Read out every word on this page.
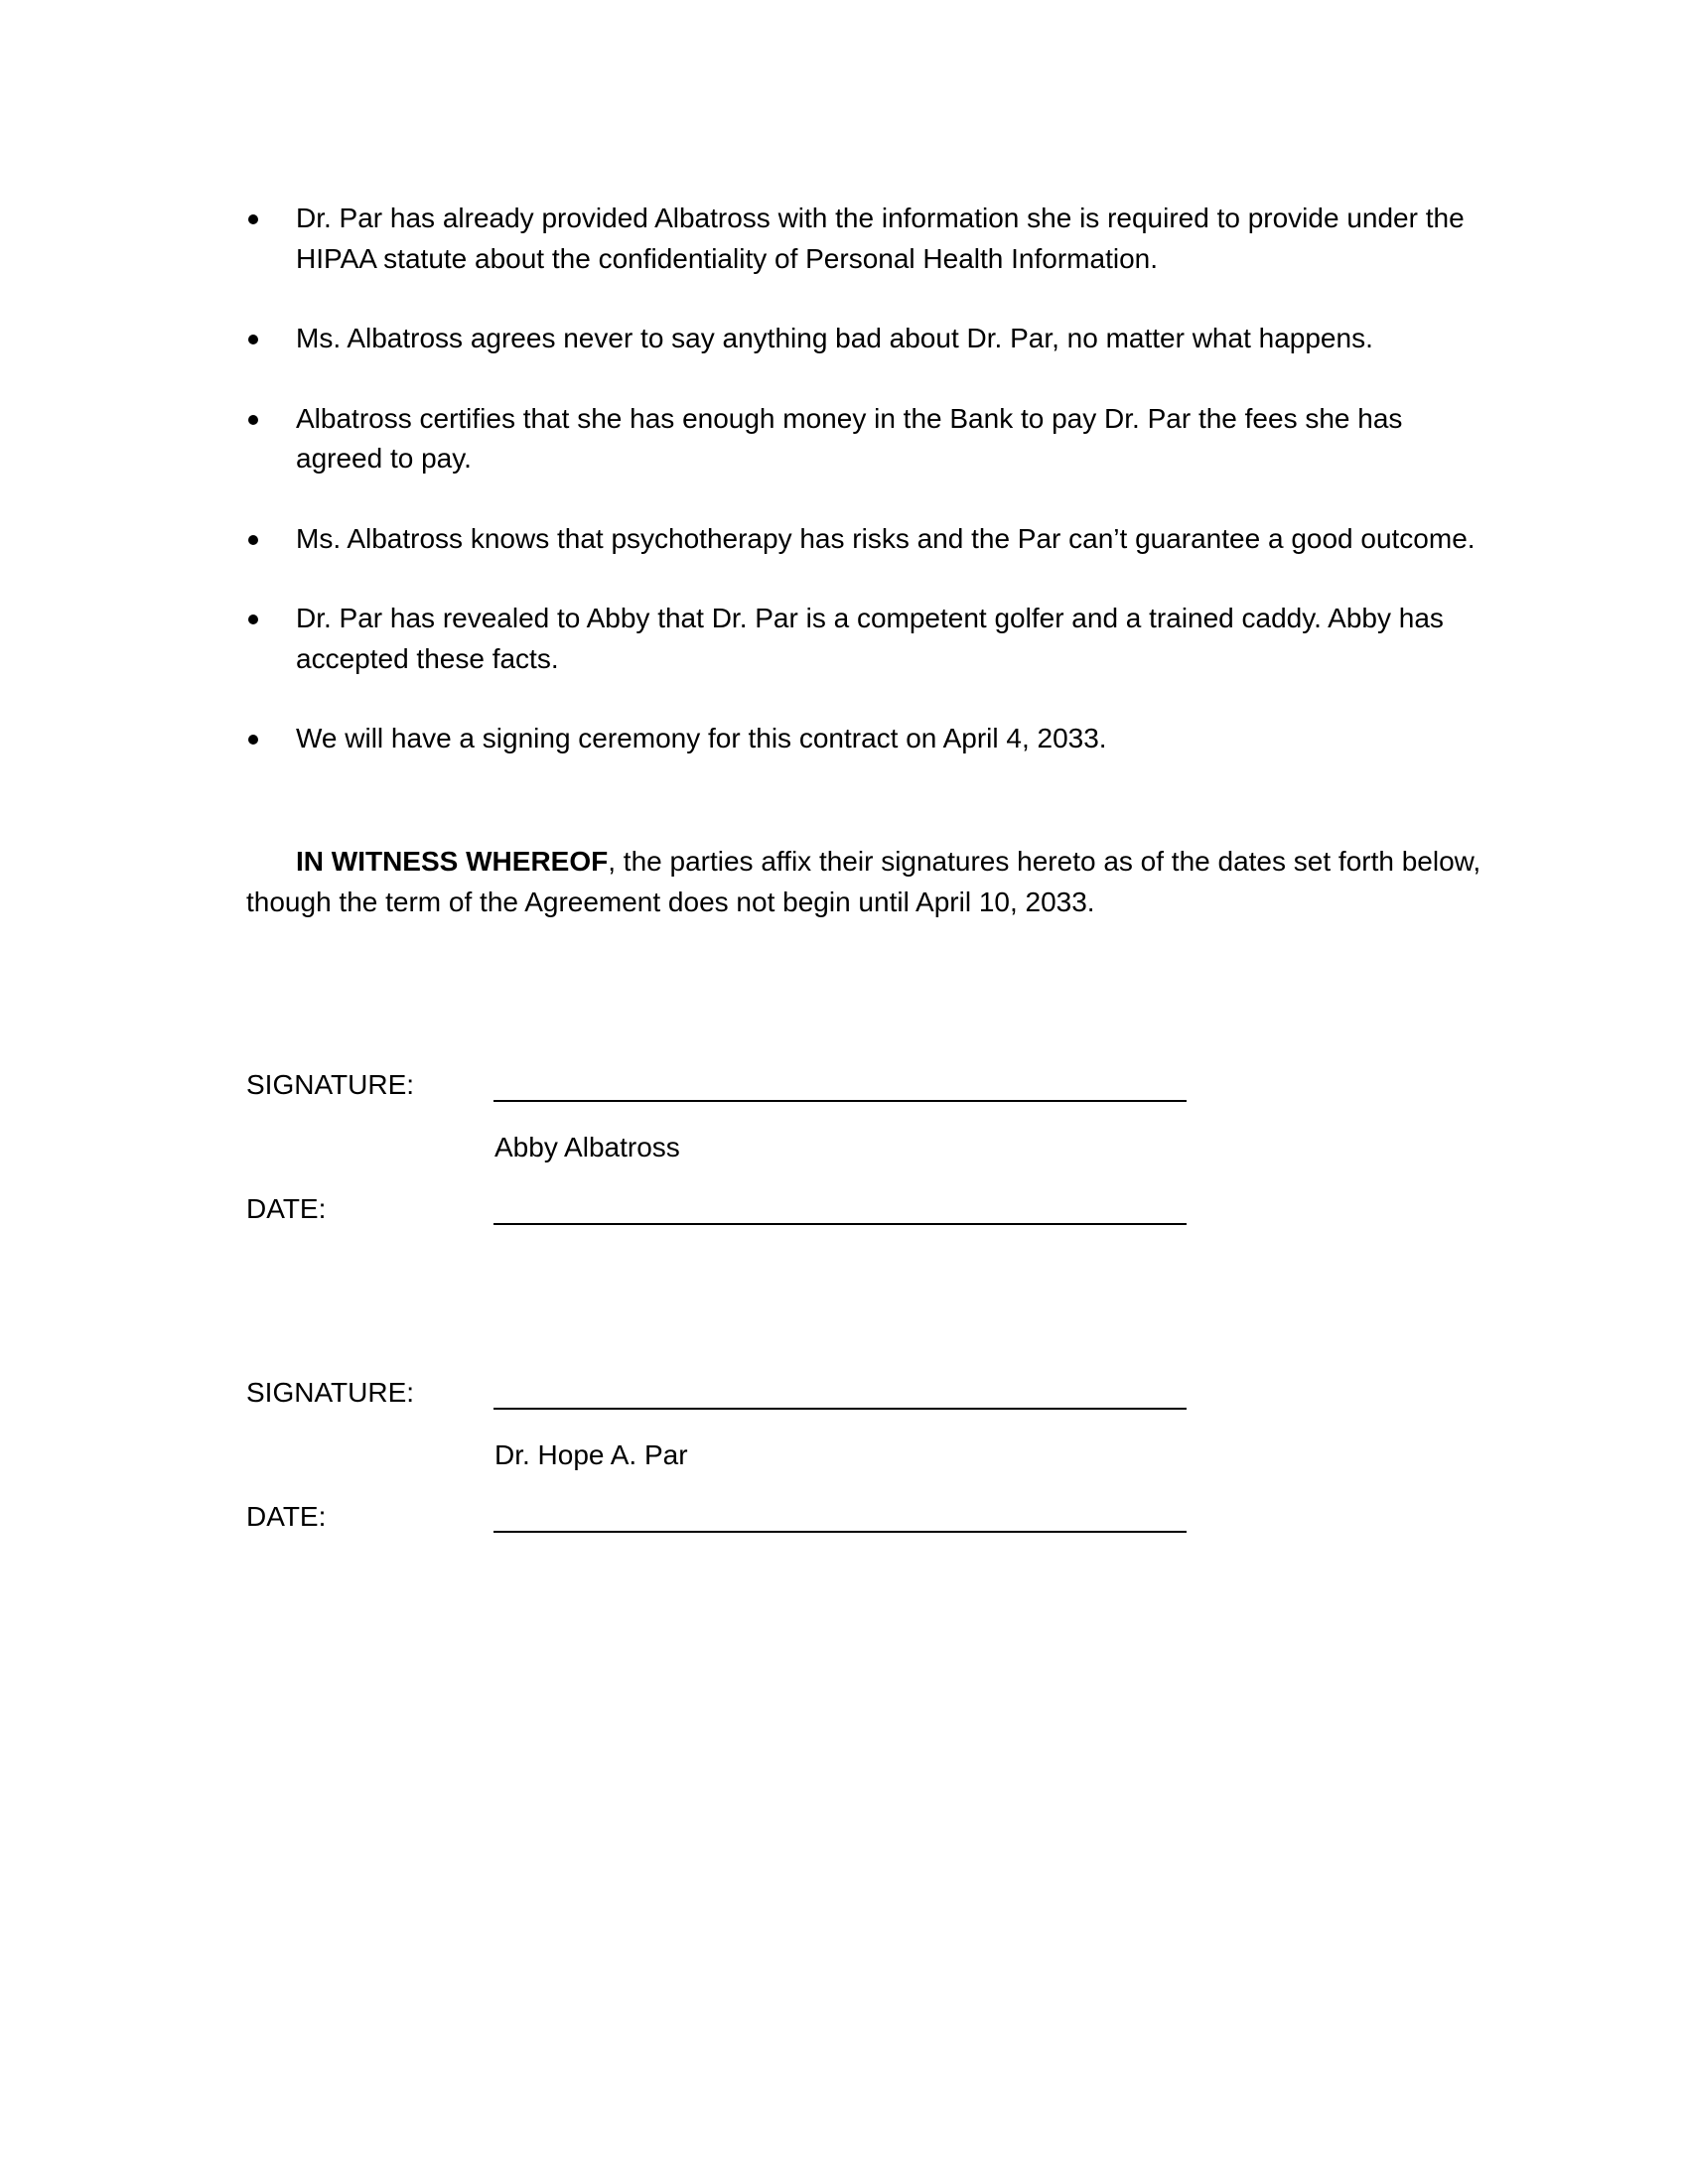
Dr. Par has already provided Albatross with the information she is required to provide under the HIPAA statute about the confidentiality of Personal Health Information.
Ms. Albatross agrees never to say anything bad about Dr. Par, no matter what happens.
Albatross certifies that she has enough money in the Bank to pay Dr. Par the fees she has agreed to pay.
Ms. Albatross knows that psychotherapy has risks and the Par can’t guarantee a good outcome.
Dr. Par has revealed to Abby that Dr. Par is a competent golfer and a trained caddy. Abby has accepted these facts.
We will have a signing ceremony for this contract on April 4, 2033.

IN WITNESS WHEREOF, the parties affix their signatures hereto as of the dates set forth below, though the term of the Agreement does not begin until April 10, 2033.

SIGNATURE:
Abby Albatross
DATE:
SIGNATURE:
Dr. Hope A. Par
DATE:
